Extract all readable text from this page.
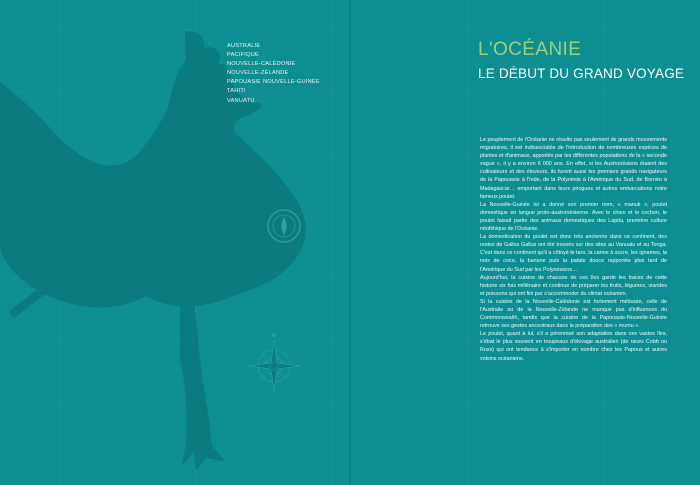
N
AUSTRALIE
PACIFIQUE
NOUVELLE-CALÉDONIE
NOUVELLE-ZÉLANDE
PAPOUASIE NOUVELLE-GUINÉE
TAHITI
VANUATU
L'OCÉANIE
LE DÉBUT DU GRAND VOYAGE

Le peuplement de l'Océanie ne résulte pas seulement de grands mouvements migratoires, il est indissociable de l'introduction de nombreuses espèces de plantes et d'animaux, apportés par les différentes populations de la « seconde vague », il y a environ 6 000 ans. En effet, si les Austronésiens étaient des cultivateurs et des éleveurs, ils furent aussi les premiers grands navigateurs de la Papouasie à l'Inde, de la Polynésie à l'Amérique du Sud, de Bornéo à Madagascar… emportant dans leurs pirogues et autres embarcations notre fameux poulet.

La Nouvelle-Guinée lui a donné son premier nom, « manuk », poulet domestique en langue proto-austronésienne. Avec le chien et le cochon, le poulet faisait partie des animaux domestiques des Lapita, première culture néolithique de l'Océanie.

La domestication du poulet est donc très ancienne dans ce continent, des restes de Gallus Gallus ont été trouvés sur des sites au Vanuatu et au Tonga. C'est dans ce continent qu'il a côtoyé le taro, la canne à sucre, les ignames, la noix de coco, la banane puis la patate douce rapportée plus tard de l'Amérique du Sud par les Polynésiens…

Aujourd'hui, la cuisine de chacune de ces îles garde les traces de cette histoire six fois millénaire et continue de préparer les fruits, légumes, viandes et poissons qui ont fini par s'accommoder du climat océanien.

Si la cuisine de la Nouvelle-Calédonie est fortement métissée, celle de l'Australie ou de la Nouvelle-Zélande ne manque pas d'influences du Commonwealth, tandis que la cuisine de la Papouasie-Nouvelle-Guinée retrouve ses gestes ancestraux dans la préparation des « mumu ».

Le poulet, quant à lui, s'il a pérennisé son adaptation dans ces vastes îles, s'ébat le plus souvent en troupeaux d'élevage australien (de races Cobb ou Ross) qui ont tendance à s'importer en nombre chez les Papous et autres voisins océaniens.
